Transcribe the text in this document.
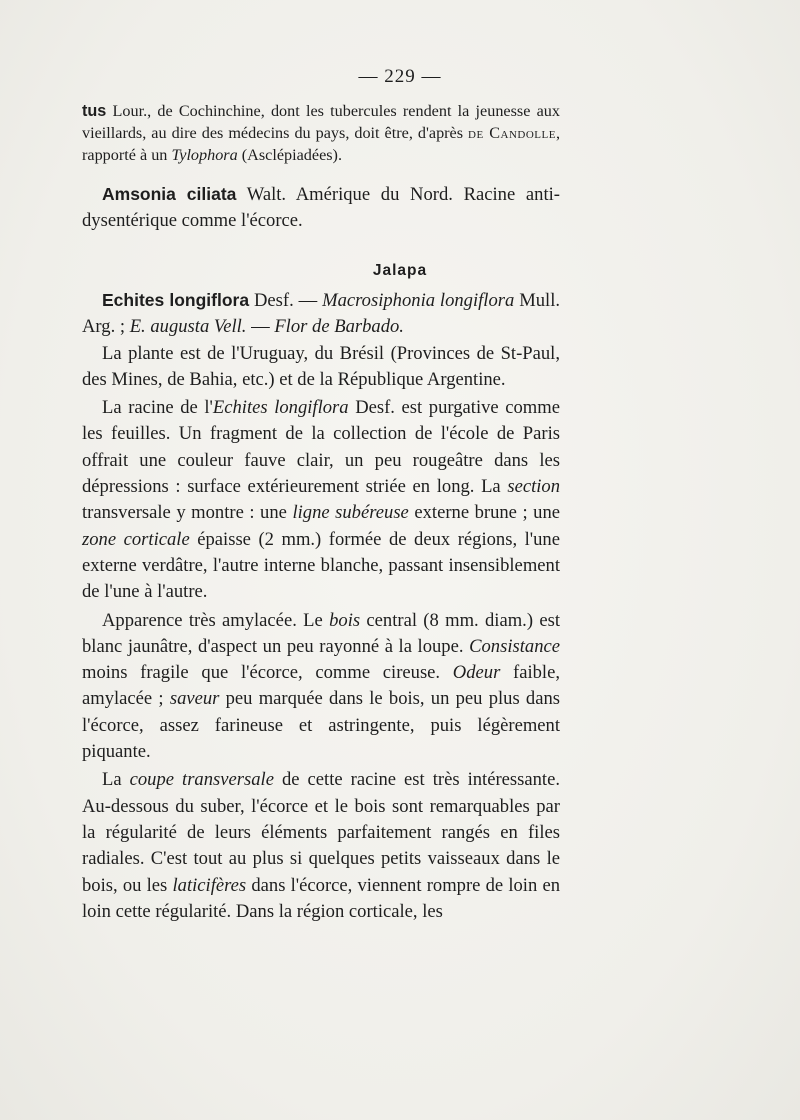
— 229 —

tus Lour., de Cochinchine, dont les tubercules rendent la jeunesse aux vieillards, au dire des médecins du pays, doit être, d'après de Candolle, rapporté à un Tylophora (Asclépiadées).

Amsonia ciliata Walt. Amérique du Nord. Racine anti-dysentérique comme l'écorce.

Jalapa

Echites longiflora Desf. — Macrosiphonia longiflora Mull. Arg. ; E. augusta Vell. — Flor de Barbado.

La plante est de l'Uruguay, du Brésil (Provinces de St-Paul, des Mines, de Bahia, etc.) et de la République Argentine.

La racine de l'Echites longiflora Desf. est purgative comme les feuilles. Un fragment de la collection de l'école de Paris offrait une couleur fauve clair, un peu rougeâtre dans les dépressions : surface extérieurement striée en long. La section transversale y montre : une ligne subéreuse externe brune ; une zone corticale épaisse (2 mm.) formée de deux régions, l'une externe verdâtre, l'autre interne blanche, passant insensiblement de l'une à l'autre.

Apparence très amylacée. Le bois central (8 mm. diam.) est blanc jaunâtre, d'aspect un peu rayonné à la loupe. Consistance moins fragile que l'écorce, comme cireuse. Odeur faible, amylacée ; saveur peu marquée dans le bois, un peu plus dans l'écorce, assez farineuse et astringente, puis légèrement piquante.

La coupe transversale de cette racine est très intéressante. Au-dessous du suber, l'écorce et le bois sont remarquables par la régularité de leurs éléments parfaitement rangés en files radiales. C'est tout au plus si quelques petits vaisseaux dans le bois, ou les laticifères dans l'écorce, viennent rompre de loin en loin cette régularité. Dans la région corticale, les
